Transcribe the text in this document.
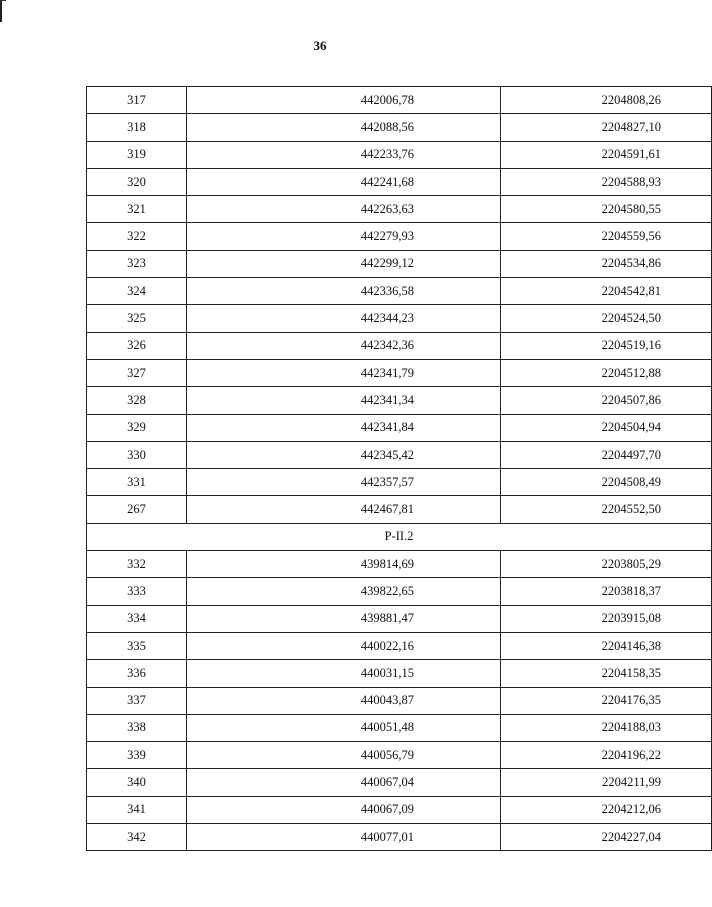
36
317	442006,78	2204808,26
318	442088,56	2204827,10
319	442233,76	2204591,61
320	442241,68	2204588,93
321	442263,63	2204580,55
322	442279,93	2204559,56
323	442299,12	2204534,86
324	442336,58	2204542,81
325	442344,23	2204524,50
326	442342,36	2204519,16
327	442341,79	2204512,88
328	442341,34	2204507,86
329	442341,84	2204504,94
330	442345,42	2204497,70
331	442357,57	2204508,49
267	442467,81	2204552,50
Р-II.2		
332	439814,69	2203805,29
333	439822,65	2203818,37
334	439881,47	2203915,08
335	440022,16	2204146,38
336	440031,15	2204158,35
337	440043,87	2204176,35
338	440051,48	2204188,03
339	440056,79	2204196,22
340	440067,04	2204211,99
341	440067,09	2204212,06
342	440077,01	2204227,04
